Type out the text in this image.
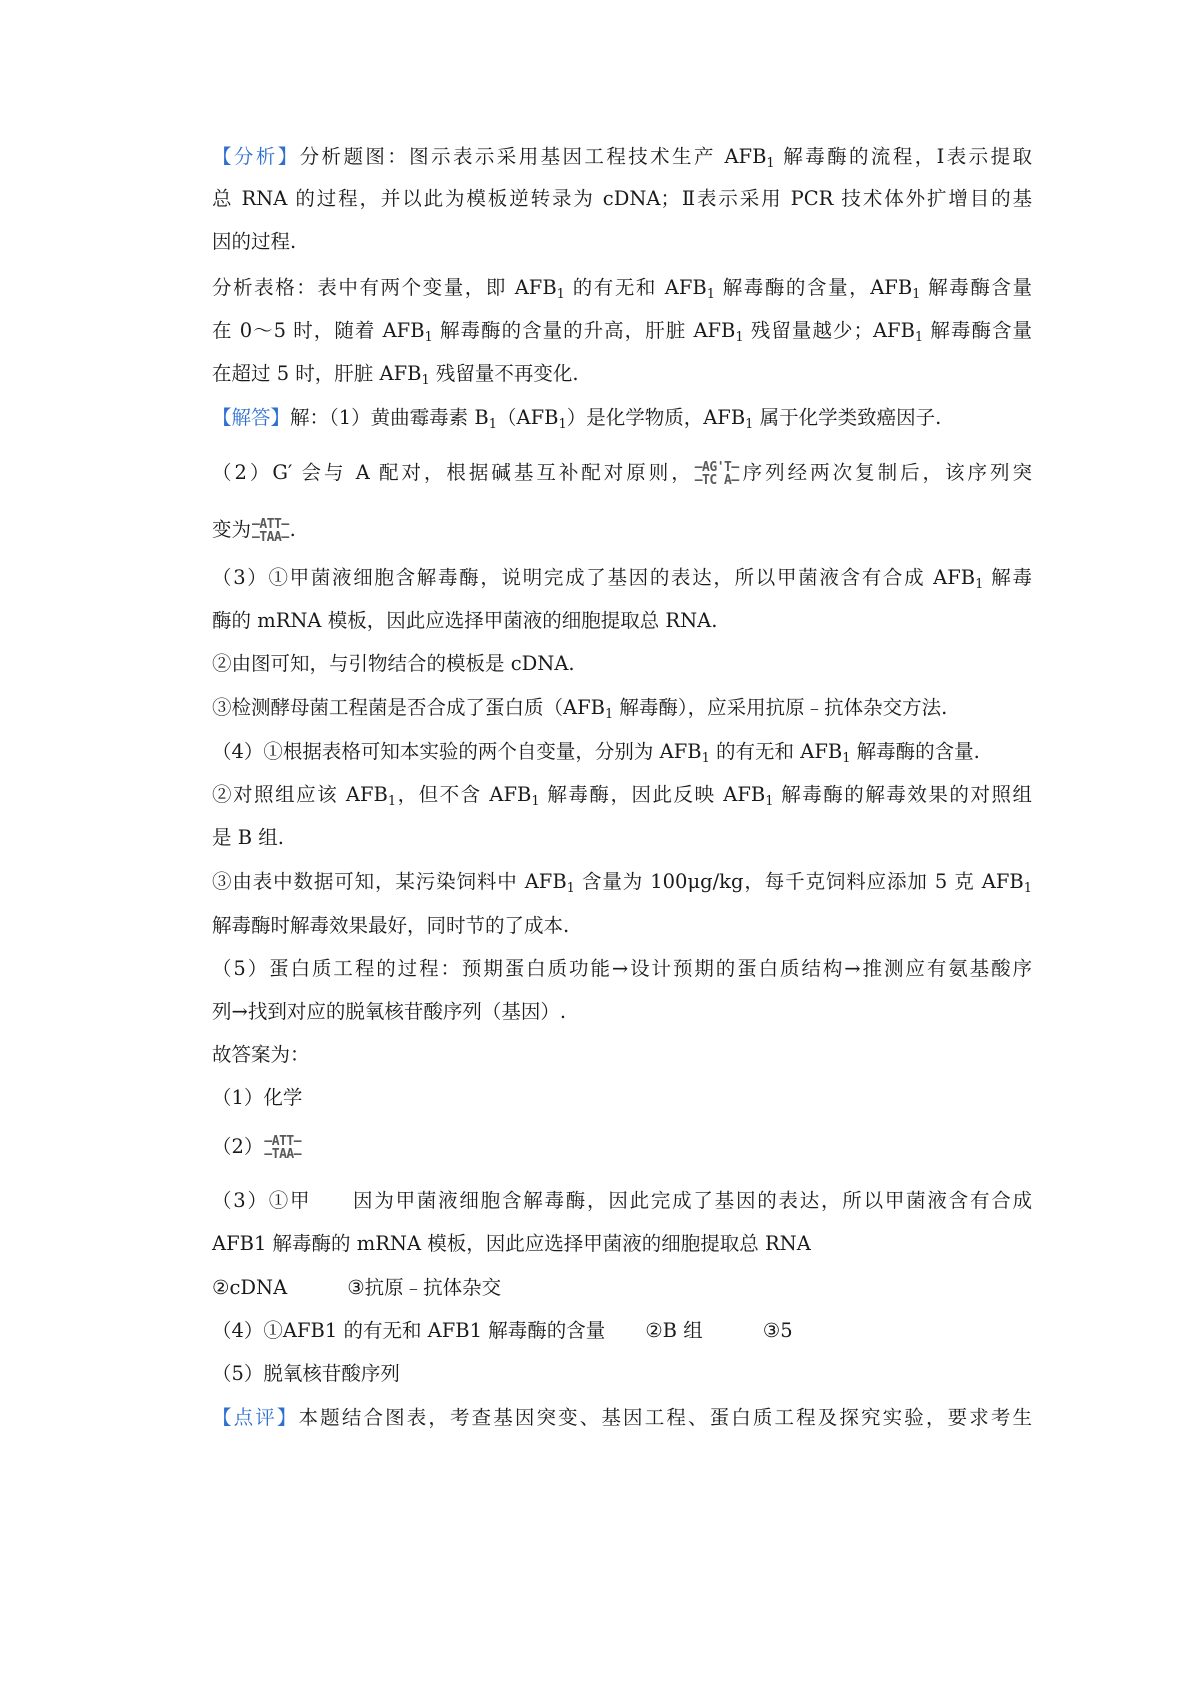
【分析】分析题图：图示表示采用基因工程技术生产 $AFB_1$ 解毒酶的流程，Ⅰ表示提取
总 RNA 的过程，并以此为模板逆转录为 cDNA；Ⅱ表示采用 PCR 技术体外扩增目的基
因的过程.
分析表格：表中有两个变量，即 $AFB_1$ 的有无和 $AFB_1$ 解毒酶的含量，$AFB_1$ 解毒酶含量
在 0～5 时，随着 $AFB_1$ 解毒酶的含量的升高，肝脏 $AFB_1$ 残留量越少；$AFB_1$ 解毒酶含量
在超过 5 时，肝脏 $AFB_1$ 残留量不再变化.
【解答】解：（1）黄曲霉毒素 $B_1(AFB_1)$是化学物质，$AFB_1$ 属于化学类致癌因子.
（2）G′ 会与 A 配对，根据碱基互补配对原则， —AG'T—
—TC A— 序列经两次复制后，该序列突
变为 —ATT—
—TAA— .
（3）①甲菌液细胞含解毒酶，说明完成了基因的表达，所以甲菌液含有合成 $AFB_1$ 解毒
酶的 mRNA 模板，因此应选择甲菌液的细胞提取总 RNA.
②由图可知，与引物结合的模板是 cDNA.
③检测酵母菌工程菌是否合成了蛋白质（$AFB_1$ 解毒酶），应采用抗原﹣抗体杂交方法.
（4）①根据表格可知本实验的两个自变量，分别为 $AFB_1$ 的有无和 $AFB_1$ 解毒酶的含量.
②对照组应该 $AFB_1$，但不含 $AFB_1$ 解毒酶，因此反映 $AFB_1$ 解毒酶的解毒效果的对照组
是 B 组.
③由表中数据可知，某污染饲料中 $AFB_1$ 含量为 100μg/kg，每千克饲料应添加 5 克 $AFB_1$
解毒酶时解毒效果最好，同时节的了成本.
（5）蛋白质工程的过程：预期蛋白质功能→设计预期的蛋白质结构→推测应有氨基酸序
列→找到对应的脱氧核苷酸序列（基因）.
故答案为：
（1）化学
（2） —ATT—
—TAA—
（3）①甲 因为甲菌液细胞含解毒酶，因此完成了基因的表达，所以甲菌液含有合成
AFB1 解毒酶的 mRNA 模板，因此应选择甲菌液的细胞提取总 RNA
②cDNA	③抗原﹣抗体杂交
（4）①AFB1 的有无和 AFB1 解毒酶的含量 ②B 组	③5
（5）脱氧核苷酸序列
【点评】本题结合图表，考查基因突变、基因工程、蛋白质工程及探究实验，要求考生
